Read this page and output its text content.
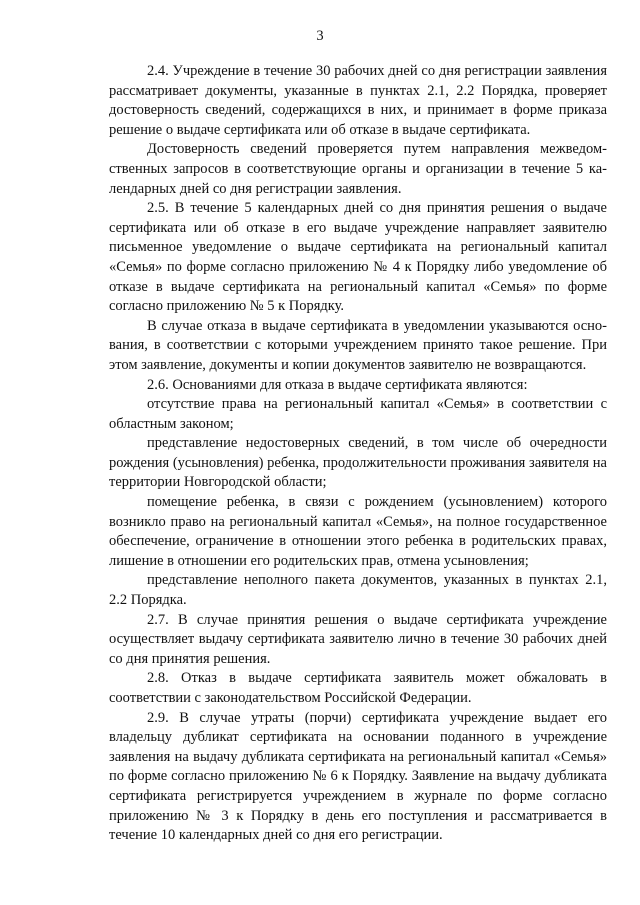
3

2.4. Учреждение в течение 30 рабочих дней со дня регистрации заявления рассматривает документы, указанные в пунктах 2.1, 2.2 Порядка, проверяет достоверность сведений, содержащихся в них, и принимает в форме приказа решение о выдаче сертификата или об отказе в выдаче сертификата.

Достоверность сведений проверяется путем направления межведомственных запросов в соответствующие органы и организации в течение 5 календарных дней со дня регистрации заявления.

2.5. В течение 5 календарных дней со дня принятия решения о выдаче сертификата или об отказе в его выдаче учреждение направляет заявителю письменное уведомление о выдаче сертификата на региональный капитал «Семья» по форме согласно приложению № 4 к Порядку либо уведомление об отказе в выдаче сертификата на региональный капитал «Семья» по форме согласно приложению № 5 к Порядку.

В случае отказа в выдаче сертификата в уведомлении указываются основания, в соответствии с которыми учреждением принято такое решение. При этом заявление, документы и копии документов заявителю не возвращаются.

2.6. Основаниями для отказа в выдаче сертификата являются:

отсутствие права на региональный капитал «Семья» в соответствии с областным законом;

представление недостоверных сведений, в том числе об очередности рождения (усыновления) ребенка, продолжительности проживания заявителя на территории Новгородской области;

помещение ребенка, в связи с рождением (усыновлением) которого возникло право на региональный капитал «Семья», на полное государственное обеспечение, ограничение в отношении этого ребенка в родительских правах, лишение в отношении его родительских прав, отмена усыновления;

представление неполного пакета документов, указанных в пунктах 2.1, 2.2 Порядка.

2.7. В случае принятия решения о выдаче сертификата учреждение осуществляет выдачу сертификата заявителю лично в течение 30 рабочих дней со дня принятия решения.

2.8. Отказ в выдаче сертификата заявитель может обжаловать в соответствии с законодательством Российской Федерации.

2.9. В случае утраты (порчи) сертификата учреждение выдает его владельцу дубликат сертификата на основании поданного в учреждение заявления на выдачу дубликата сертификата на региональный капитал «Семья» по форме согласно приложению № 6 к Порядку. Заявление на выдачу дубликата сертификата регистрируется учреждением в журнале по форме согласно приложению № 3 к Порядку в день его поступления и рассматривается в течение 10 календарных дней со дня его регистрации.
